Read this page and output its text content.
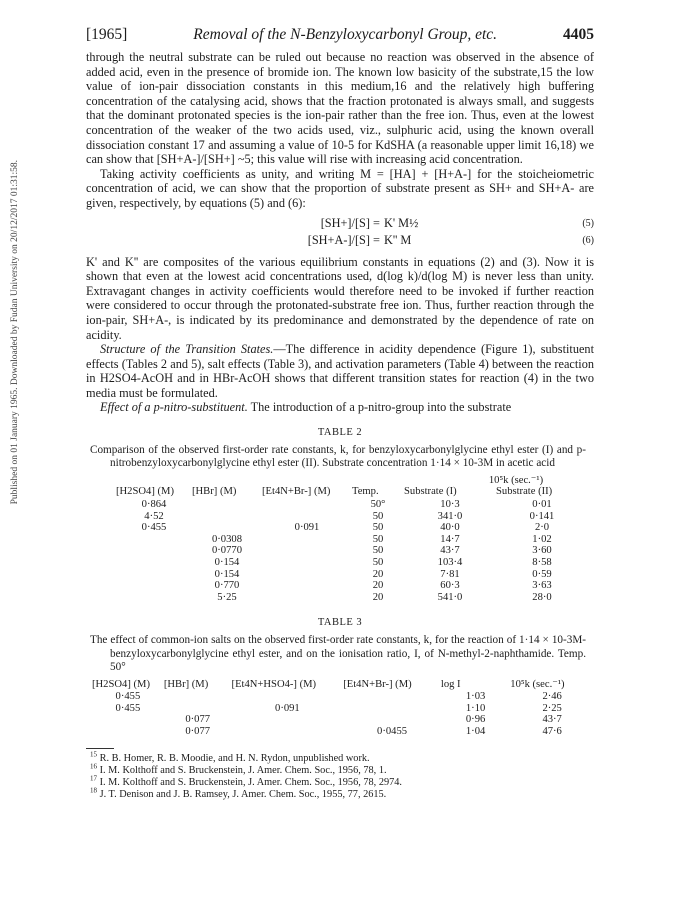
Published on 01 January 1965. Downloaded by Fudan University on 20/12/2017 01:31:58.
[1965]	Removal of the N-Benzyloxycarbonyl Group, etc.	4405

through the neutral substrate can be ruled out because no reaction was observed in the absence of added acid, even in the presence of bromide ion. The known low basicity of the substrate,15 the low value of ion-pair dissociation constants in this medium,16 and the relatively high buffering concentration of the catalysing acid, shows that the fraction protonated is always small, and suggests that the dominant protonated species is the ion-pair rather than the free ion. Thus, even at the lowest concentration of the weaker of the two acids used, viz., sulphuric acid, using the known overall dissociation constant 17 and assuming a value of 10-5 for KdSHA (a reasonable upper limit 16,18) we can show that [SH+A-]/[SH+] ~5; this value will rise with increasing acid concentration.

Taking activity coefficients as unity, and writing M = [HA] + [H+A-] for the stoicheiometric concentration of acid, we can show that the proportion of substrate present as SH+ and SH+A- are given, respectively, by equations (5) and (6):

[SH+]/[S] = K' M½	(5)
[SH+A-]/[S] = K'' M	(6)

K' and K'' are composites of the various equilibrium constants in equations (2) and (3). Now it is shown that even at the lowest acid concentrations used, d(log k)/d(log M) is never less than unity. Extravagant changes in activity coefficients would therefore need to be invoked if further reaction were considered to occur through the protonated-substrate free ion. Thus, further reaction through the ion-pair, SH+A-, is indicated by its predominance and demonstrated by the dependence of rate on acidity.

Structure of the Transition States.—The difference in acidity dependence (Figure 1), substituent effects (Tables 2 and 5), salt effects (Table 3), and activation parameters (Table 4) between the reaction in H2SO4-AcOH and in HBr-AcOH shows that different transition states for reaction (4) in the two media must be formulated.

Effect of a p-nitro-substituent. The introduction of a p-nitro-group into the substrate

TABLE 2
Comparison of the observed first-order rate constants, k, for benzyloxycarbonylglycine ethyl ester (I) and p-nitrobenzyloxycarbonylglycine ethyl ester (II). Substrate concentration 1·14 × 10-3M in acetic acid
				10⁵k (sec.⁻¹)	
[H2SO4] (M)	[HBr] (M)	[Et4N+Br-] (M)	Temp.	Substrate (I)	Substrate (II)
0·864			50°	10·3	0·01
4·52			50	341·0	0·141
0·455		0·091	50	40·0	2·0
	0·0308		50	14·7	1·02
	0·0770		50	43·7	3·60
	0·154		50	103·4	8·58
	0·154		20	7·81	0·59
	0·770		20	60·3	3·63
	5·25		20	541·0	28·0
TABLE 3
The effect of common-ion salts on the observed first-order rate constants, k, for the reaction of 1·14 × 10-3M-benzyloxycarbonylglycine ethyl ester, and on the ionisation ratio, I, of N-methyl-2-naphthamide. Temp. 50°
[H2SO4] (M)	[HBr] (M)	[Et4N+HSO4-] (M)	[Et4N+Br-] (M)	log I	10⁵k (sec.⁻¹)
0·455				1·03	2·46
0·455		0·091		1·10	2·25
	0·077			0·96	43·7
	0·077		0·0455	1·04	47·6
$^{15}$ R. B. Homer, R. B. Moodie, and H. N. Rydon, unpublished work.
$^{16}$ I. M. Kolthoff and S. Bruckenstein, J. Amer. Chem. Soc., 1956, 78, 1.
$^{17}$ I. M. Kolthoff and S. Bruckenstein, J. Amer. Chem. Soc., 1956, 78, 2974.
$^{18}$ J. T. Denison and J. B. Ramsey, J. Amer. Chem. Soc., 1955, 77, 2615.
